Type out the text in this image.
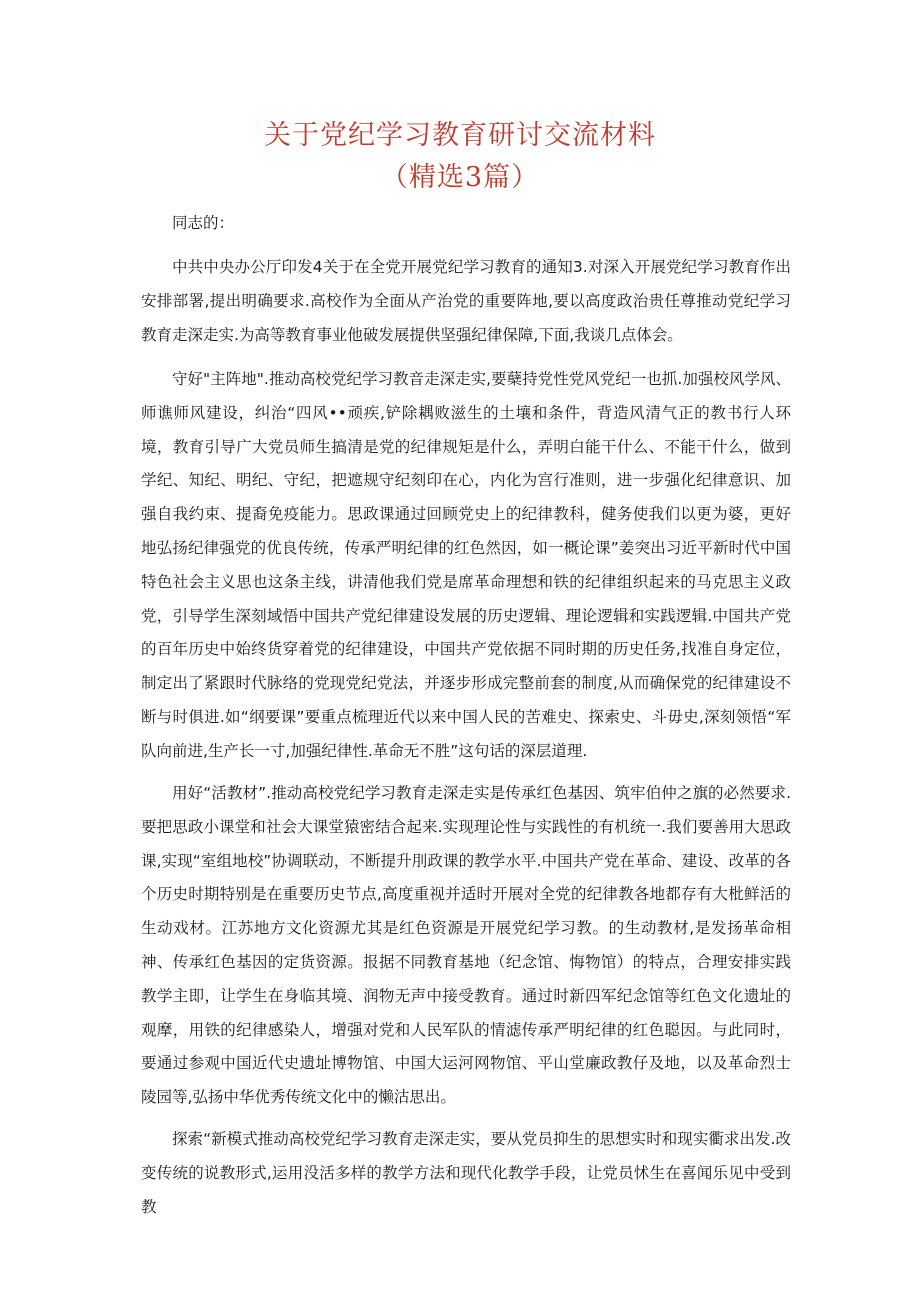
关于党纪学习教育研讨交流材料
（精选3篇）

同志的：

中共中央办公厅印发4关于在全党开展党纪学习教育的通知3.对深入开展党纪学习教育作出安排部署,提出明确要求.高校作为全面从产治党的重要阵地,要以高度政治贵任尊推动党纪学习教育走深走实.为高等教育事业他破发展提供坚强纪律保障,下面,我谈几点体会。

守好"主阵地".推动高校党纪学习教音走深走实,要蘖持党性党风党纪一也抓.加强校风学风、师谯师风建设，纠治“四风••顽疾,铲除耦败滋生的土壤和条件，背造风清气正的教书行人环境，教育引导广大党员师生搞清是党的纪律规矩是什么，弄明白能干什么、不能干什么，做到学纪、知纪、明纪、守纪，把遮规守纪刻印在心，内化为宫行准则，进一步强化纪律意识、加强自我约束、提裔免疫能力。思政课通过回顾党史上的纪律教科，健务使我们以更为婆，更好地弘扬纪律强党的优良传统，传承严明纪律的红色然因，如一概论课”姜突出习近平新时代中国特色社会主义思也这条主线，讲清他我们党是席革命理想和铁的纪律组织起来的马克思主义政党，引导学生深刻域悟中国共产党纪律建设发展的历史逻辑、理论逻辑和实践逻辑.中国共产党的百年历史中始终货穿着党的纪律建设，中国共产党依据不同时期的历史任务,找准自身定位，制定出了紧跟时代脉络的党现党纪党法，并逐步形成完整前套的制度,从而确保党的纪律建设不断与时俱进.如“纲要课”要重点梳理近代以来中国人民的苦难史、探索史、斗毋史,深刻领悟“军队向前进,生产长一寸,加强纪律性.革命无不胜”这句话的深层道理.

用好“活教材”.推动高校党纪学习教育走深走实是传承红色基因、筑牢伯仲之旗的必然要求.要把思政小课堂和社会大课堂猿密结合起来.实现理论性与实践性的有机统一.我们要善用大思政课,实现“室组地校”协调联动，不断提升刖政课的教学水平.中国共产党在革命、建设、改革的各个历史时期特别是在重要历史节点,高度重视并适时开展对全党的纪律教各地都存有大枇鲜活的生动戏材。江苏地方文化资源尤其是红色资源是开展党纪学习教。的生动教材,是发扬革命相神、传承红色基因的定货资源。报据不同教育基地（纪念馆、悔物馆）的特点，合理安排实践教学主即，让学生在身临其境、润物无声中接受教育。通过时新四军纪念馆等红色文化遗址的观摩，用铁的纪律感染人，增强对党和人民军队的情滤传承严明纪律的红色聪因。与此同时，要通过参观中国近代史遗址博物馆、中国大运河网物馆、平山堂廉政教仔及地，以及革命烈士陵园等,弘扬中华优秀传统文化中的懒沽思出。

探索“新模式推动高校党纪学习教育走深走实，要从党员抑生的思想实时和现实衢求出发.改变传统的说教形式,运用没活多样的教学方法和现代化教学手段，让党员怵生在喜闻乐见中受到教
